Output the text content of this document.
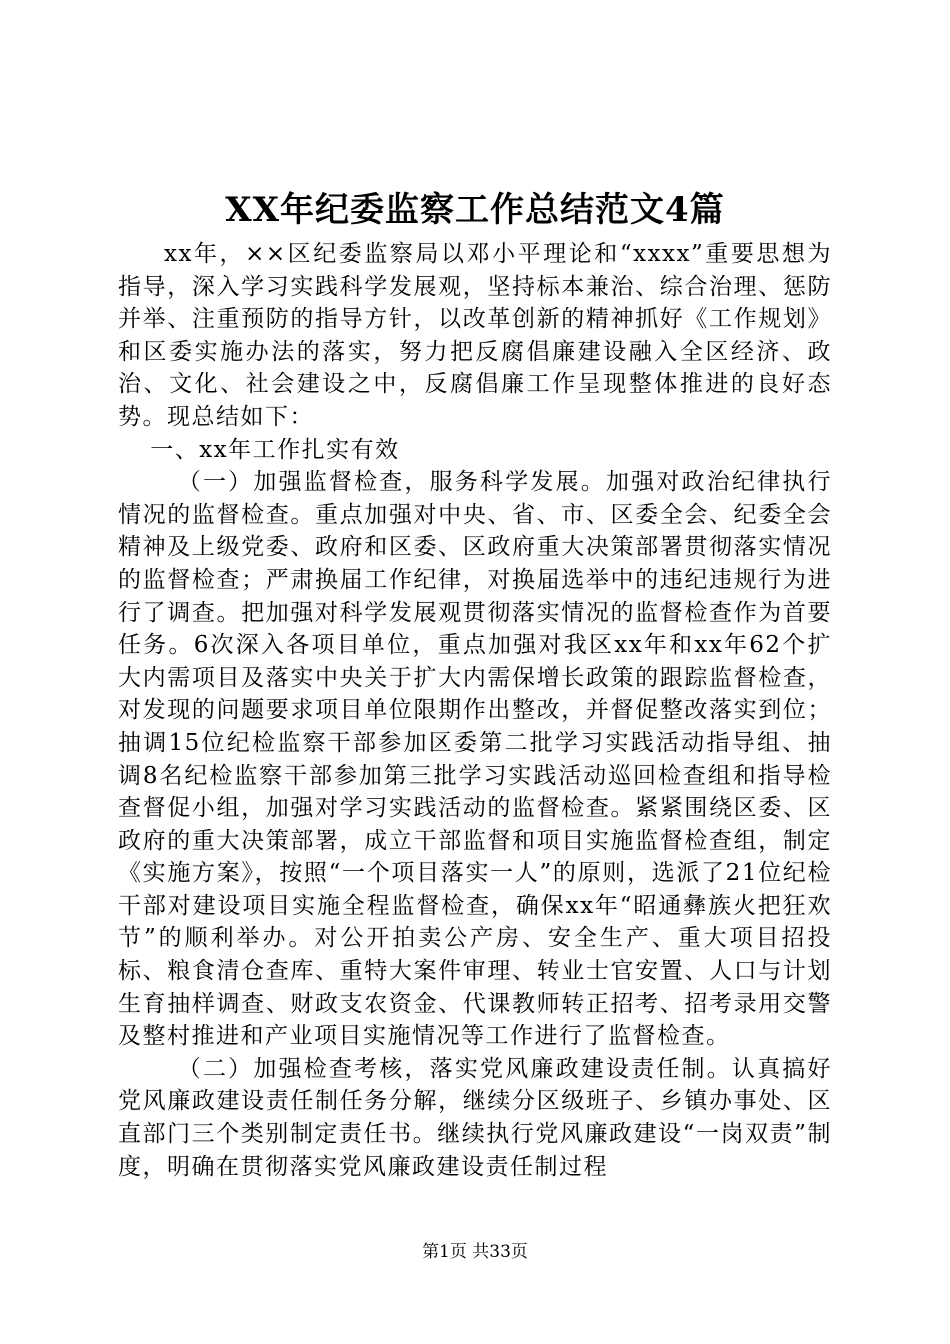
XX年纪委监察工作总结范文4篇

xx年，××区纪委监察局以邓小平理论和“xxxx”重要思想为指导，深入学习实践科学发展观，坚持标本兼治、综合治理、惩防并举、注重预防的指导方针，以改革创新的精神抓好《工作规划》和区委实施办法的落实，努力把反腐倡廉建设融入全区经济、政治、文化、社会建设之中，反腐倡廉工作呈现整体推进的良好态势。现总结如下：

一、xx年工作扎实有效

（一）加强监督检查，服务科学发展。加强对政治纪律执行情况的监督检查。重点加强对中央、省、市、区委全会、纪委全会精神及上级党委、政府和区委、区政府重大决策部署贯彻落实情况的监督检查；严肃换届工作纪律，对换届选举中的违纪违规行为进行了调查。把加强对科学发展观贯彻落实情况的监督检查作为首要任务。6次深入各项目单位，重点加强对我区xx年和xx年62个扩大内需项目及落实中央关于扩大内需保增长政策的跟踪监督检查，对发现的问题要求项目单位限期作出整改，并督促整改落实到位；抽调15位纪检监察干部参加区委第二批学习实践活动指导组、抽调8名纪检监察干部参加第三批学习实践活动巡回检查组和指导检查督促小组，加强对学习实践活动的监督检查。紧紧围绕区委、区政府的重大决策部署，成立干部监督和项目实施监督检查组，制定《实施方案》，按照“一个项目落实一人”的原则，选派了21位纪检干部对建设项目实施全程监督检查，确保xx年“昭通彝族火把狂欢节”的顺利举办。对公开拍卖公产房、安全生产、重大项目招投标、粮食清仓查库、重特大案件审理、转业士官安置、人口与计划生育抽样调查、财政支农资金、代课教师转正招考、招考录用交警及整村推进和产业项目实施情况等工作进行了监督检查。

（二）加强检查考核，落实党风廉政建设责任制。认真搞好党风廉政建设责任制任务分解，继续分区级班子、乡镇办事处、区直部门三个类别制定责任书。继续执行党风廉政建设“一岗双责”制度，明确在贯彻落实党风廉政建设责任制过程

第1页 共33页
